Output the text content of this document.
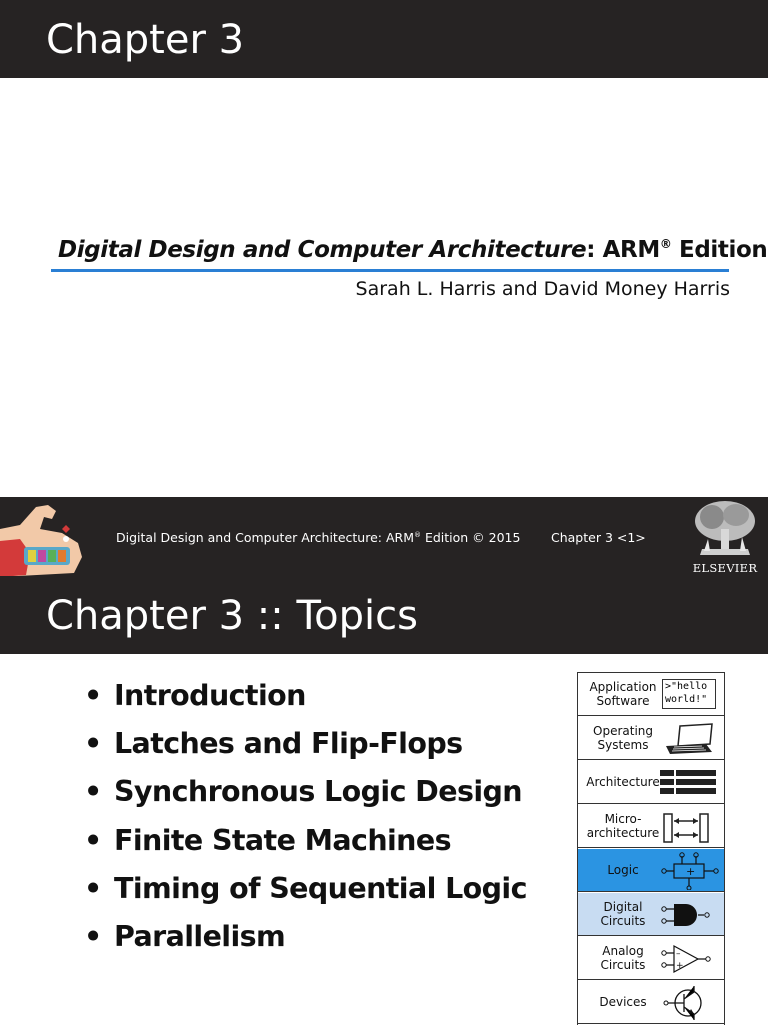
Chapter 3
Digital Design and Computer Architecture: ARM® Edition
Sarah L. Harris and David Money Harris
Digital Design and Computer Architecture: ARM® Edition © 2015 Chapter 3 <1>
ELSEVIER
Chapter 3 :: Topics
• Introduction
• Latches and Flip-Flops
• Synchronous Logic Design
• Finite State Machines
• Timing of Sequential Logic
• Parallelism
Application
Software
>"hello
world!"
Operating
Systems
Architecture
Micro-
architecture
Logic	+
Digital
Circuits
Analog
Circuits
–
+
Devices
